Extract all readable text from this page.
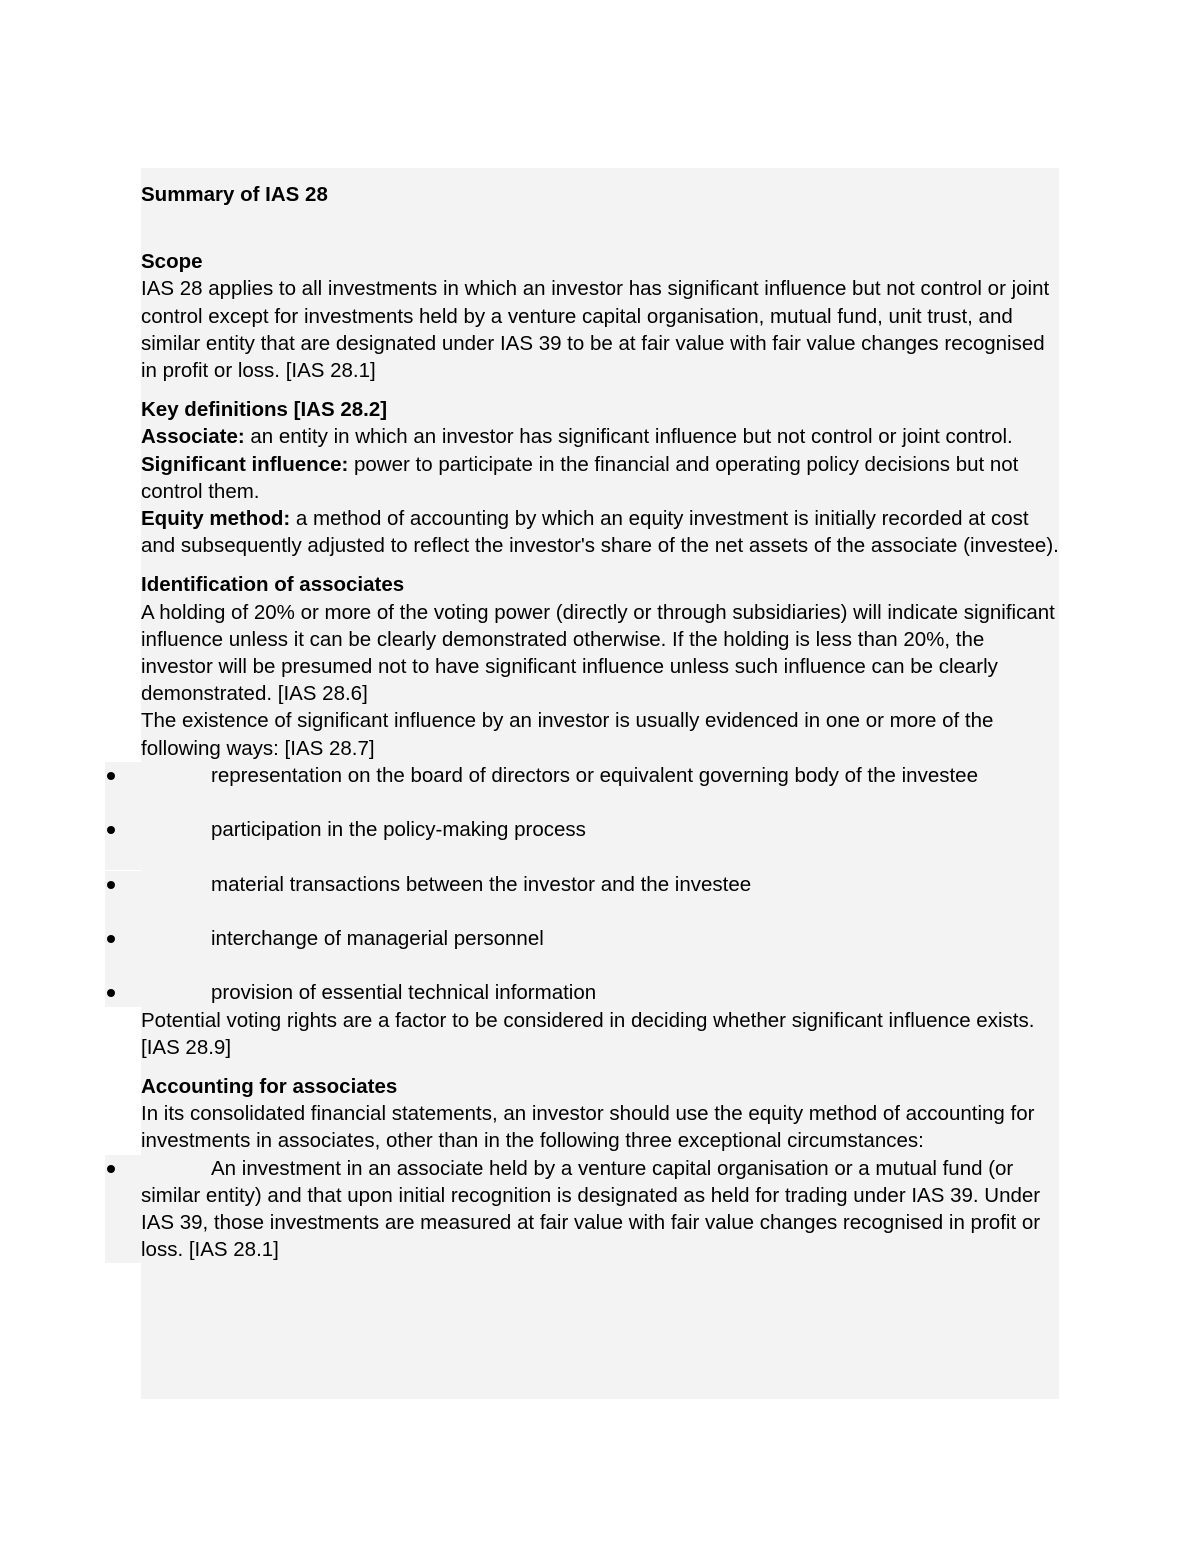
Summary of IAS 28

Scope

IAS 28 applies to all investments in which an investor has significant influence but not control or joint control except for investments held by a venture capital organisation, mutual fund, unit trust, and similar entity that are designated under IAS 39 to be at fair value with fair value changes recognised in profit or loss. [IAS 28.1]

Key definitions [IAS 28.2]

Associate: an entity in which an investor has significant influence but not control or joint control.

Significant influence: power to participate in the financial and operating policy decisions but not control them.

Equity method: a method of accounting by which an equity investment is initially recorded at cost and subsequently adjusted to reflect the investor's share of the net assets of the associate (investee).

Identification of associates

A holding of 20% or more of the voting power (directly or through subsidiaries) will indicate significant influence unless it can be clearly demonstrated otherwise. If the holding is less than 20%, the investor will be presumed not to have significant influence unless such influence can be clearly demonstrated. [IAS 28.6]

The existence of significant influence by an investor is usually evidenced in one or more of the following ways: [IAS 28.7]

representation on the board of directors or equivalent governing body of the investee

participation in the policy-making process

material transactions between the investor and the investee

interchange of managerial personnel

provision of essential technical information

Potential voting rights are a factor to be considered in deciding whether significant influence exists. [IAS 28.9]

Accounting for associates

In its consolidated financial statements, an investor should use the equity method of accounting for investments in associates, other than in the following three exceptional circumstances:

An investment in an associate held by a venture capital organisation or a mutual fund (or similar entity) and that upon initial recognition is designated as held for trading under IAS 39. Under IAS 39, those investments are measured at fair value with fair value changes recognised in profit or loss. [IAS 28.1]
